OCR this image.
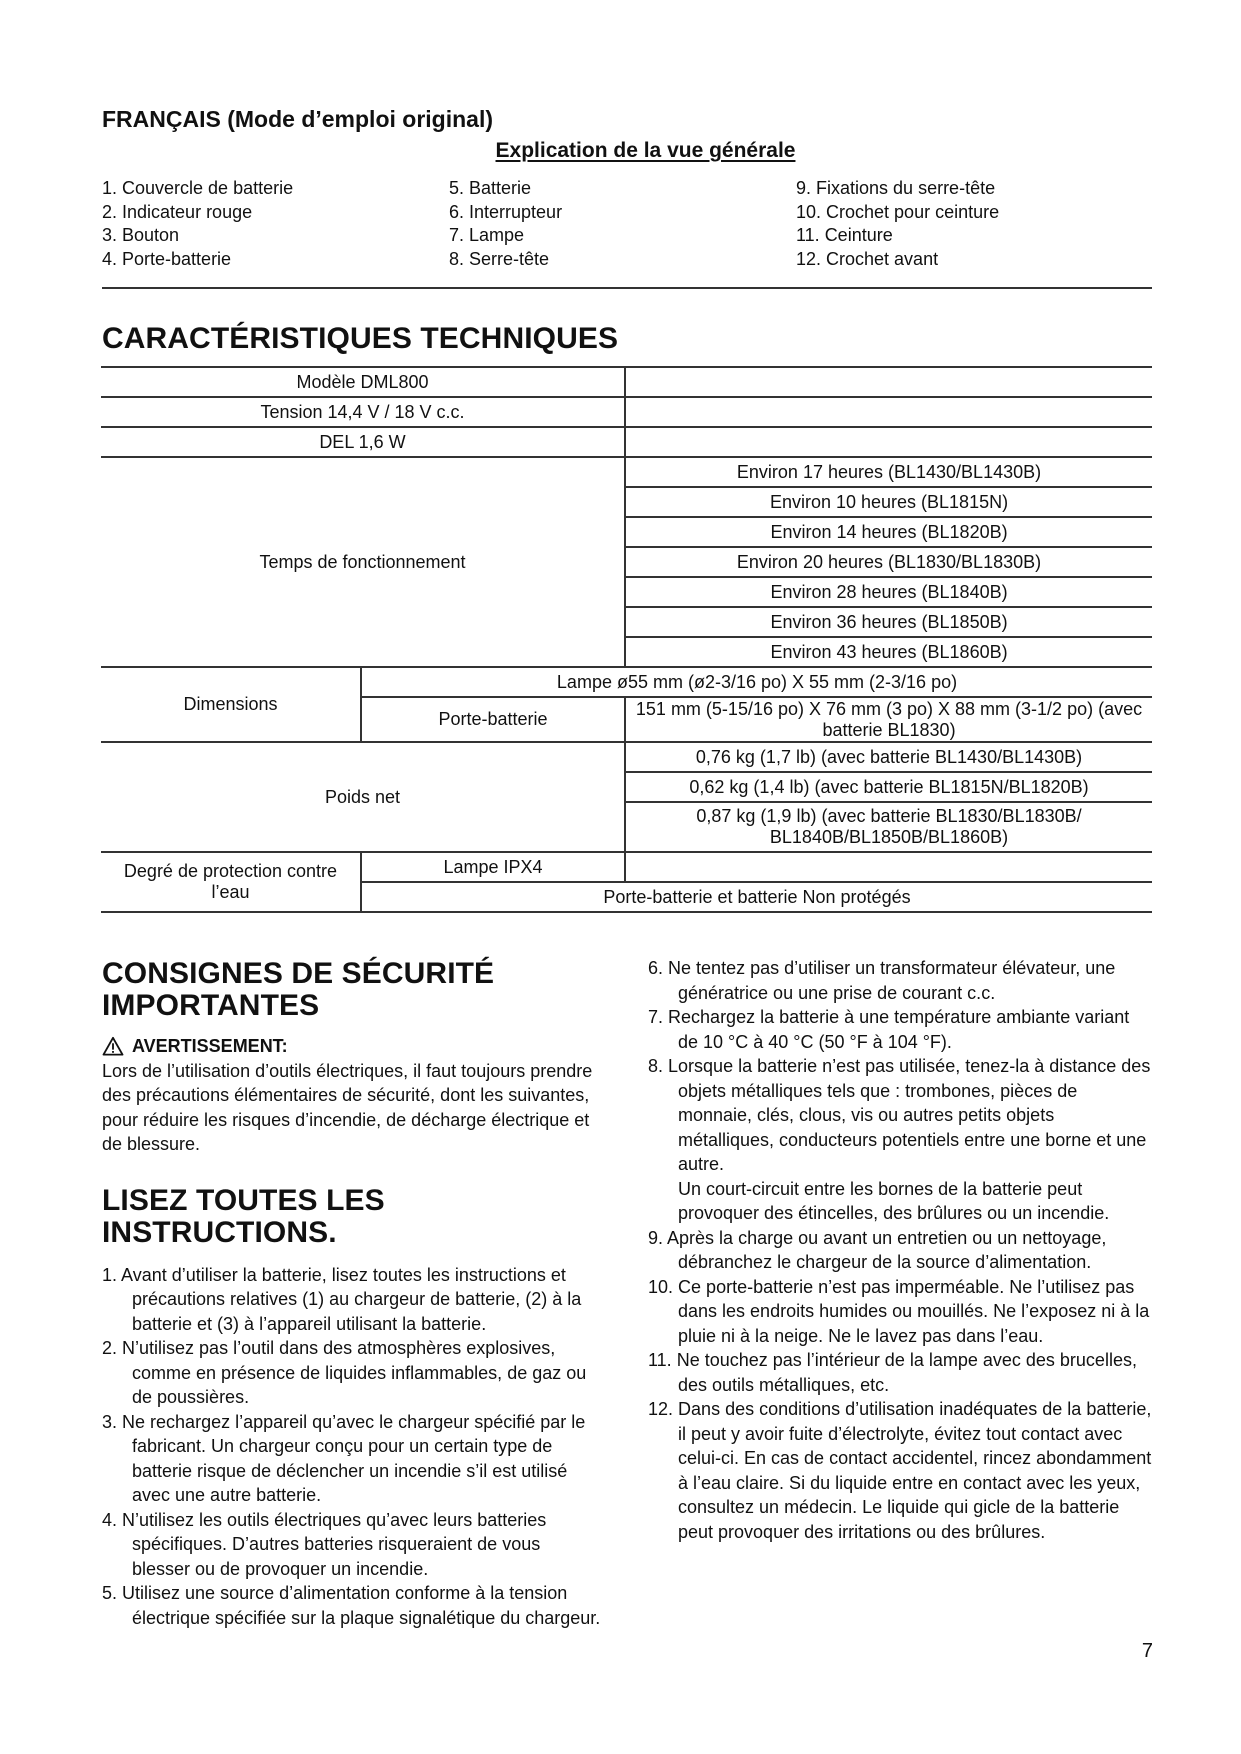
FRANÇAIS (Mode d’emploi original)
Explication de la vue générale
1. Couvercle de batterie	5. Batterie	9. Fixations du serre-tête
2. Indicateur rouge	6. Interrupteur	10. Crochet pour ceinture
3. Bouton	7. Lampe	11. Ceinture
4. Porte-batterie	8. Serre-tête	12. Crochet avant
CARACTÉRISTIQUES TECHNIQUES
Modèle DML800		
Tension 14,4 V / 18 V c.c.		
DEL 1,6 W		
Temps de fonctionnement		Environ 17 heures (BL1430/BL1430B)
		Environ 10 heures (BL1815N)
		Environ 14 heures (BL1820B)
		Environ 20 heures (BL1830/BL1830B)
		Environ 28 heures (BL1840B)
		Environ 36 heures (BL1850B)
		Environ 43 heures (BL1860B)
Dimensions	Lampe ø55 mm (ø2-3/16 po) X 55 mm (2-3/16 po)	
	Porte-batterie	151 mm (5-15/16 po) X 76 mm (3 po) X 88 mm (3-1/2 po) (avec batterie BL1830)
Poids net		0,76 kg (1,7 lb) (avec batterie BL1430/BL1430B)
		0,62 kg (1,4 lb) (avec batterie BL1815N/BL1820B)
		0,87 kg (1,9 lb) (avec batterie BL1830/BL1830B/ BL1840B/BL1850B/BL1860B)
Degré de protection contre l’eau	Lampe IPX4	
	Porte-batterie et batterie Non protégés	
CONSIGNES DE SÉCURITÉ IMPORTANTES
AVERTISSEMENT:

Lors de l’utilisation d’outils électriques, il faut toujours prendre des précautions élémentaires de sécurité, dont les suivantes, pour réduire les risques d’incendie, de décharge électrique et de blessure.

LISEZ TOUTES LES INSTRUCTIONS.
1. Avant d’utiliser la batterie, lisez toutes les instructions et précautions relatives (1) au chargeur de batterie, (2) à la batterie et (3) à l’appareil utilisant la batterie.
2. N’utilisez pas l’outil dans des atmosphères explosives, comme en présence de liquides inflammables, de gaz ou de poussières.
3. Ne rechargez l’appareil qu’avec le chargeur spécifié par le fabricant. Un chargeur conçu pour un certain type de batterie risque de déclencher un incendie s’il est utilisé avec une autre batterie.
4. N’utilisez les outils électriques qu’avec leurs batteries spécifiques. D’autres batteries risqueraient de vous blesser ou de provoquer un incendie.
5. Utilisez une source d’alimentation conforme à la tension électrique spécifiée sur la plaque signalétique du chargeur.
6. Ne tentez pas d’utiliser un transformateur élévateur, une génératrice ou une prise de courant c.c.
7. Rechargez la batterie à une température ambiante variant de 10 °C à 40 °C (50 °F à 104 °F).
8. Lorsque la batterie n’est pas utilisée, tenez-la à distance des objets métalliques tels que : trombones, pièces de monnaie, clés, clous, vis ou autres petits objets métalliques, conducteurs potentiels entre une borne et une autre.
Un court-circuit entre les bornes de la batterie peut provoquer des étincelles, des brûlures ou un incendie.
9. Après la charge ou avant un entretien ou un nettoyage, débranchez le chargeur de la source d’alimentation.
10. Ce porte-batterie n’est pas imperméable. Ne l’utilisez pas dans les endroits humides ou mouillés. Ne l’exposez ni à la pluie ni à la neige. Ne le lavez pas dans l’eau.
11. Ne touchez pas l’intérieur de la lampe avec des brucelles, des outils métalliques, etc.
12. Dans des conditions d’utilisation inadéquates de la batterie, il peut y avoir fuite d’électrolyte, évitez tout contact avec celui-ci. En cas de contact accidentel, rincez abondamment à l’eau claire. Si du liquide entre en contact avec les yeux, consultez un médecin. Le liquide qui gicle de la batterie peut provoquer des irritations ou des brûlures.
7
